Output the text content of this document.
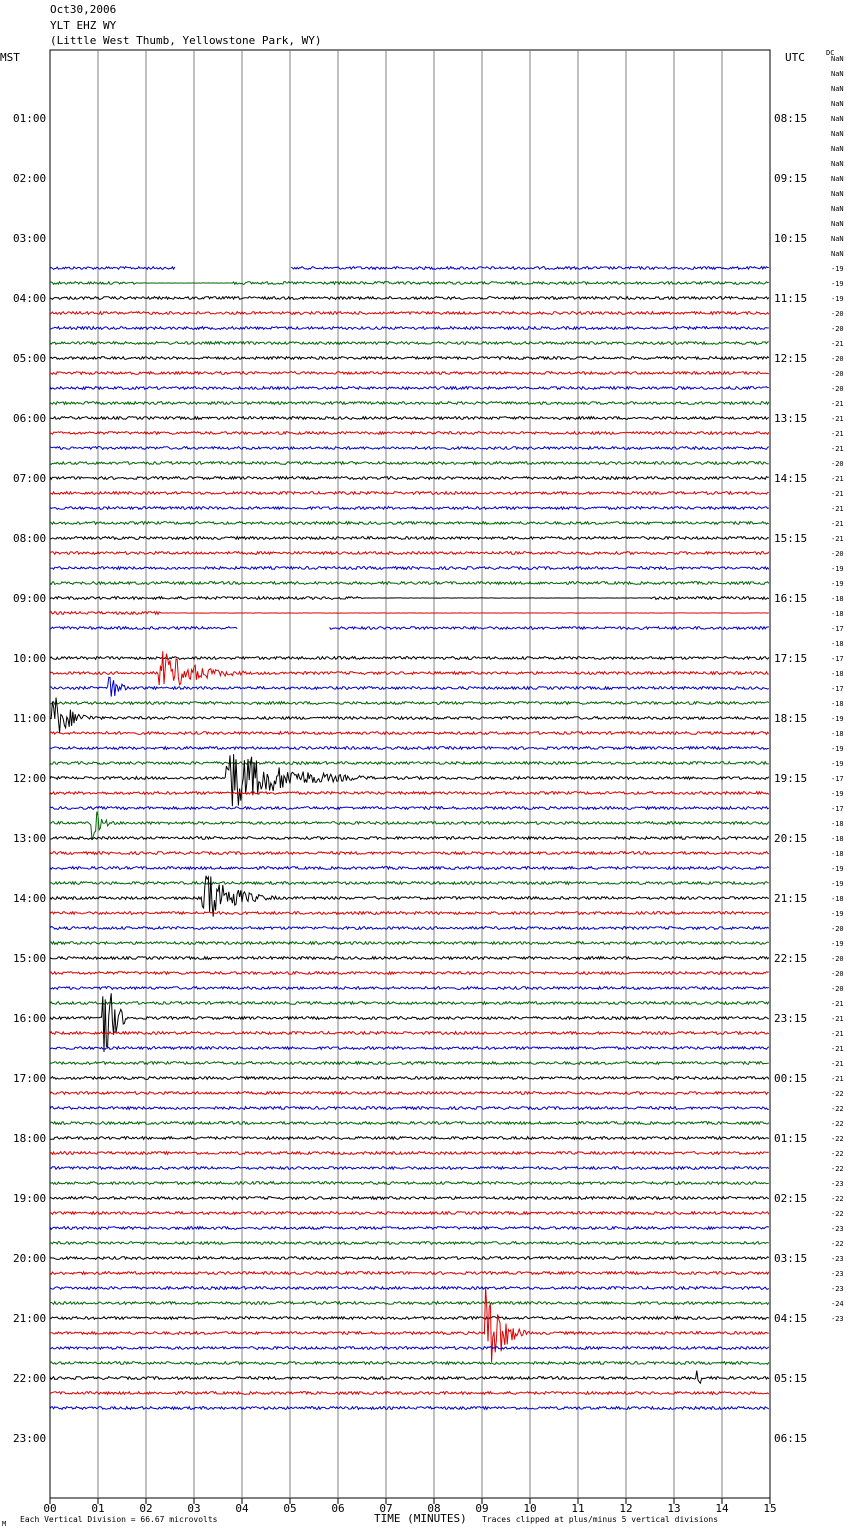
Oct30,2006
YLT EHZ WY
(Little West Thumb, Yellowstone Park, WY)
MST	UTC	DC
TIME (MINUTES)
Each Vertical Division = 66.67 microvolts	Traces clipped at plus/minus 5 vertical divisions
M
00	01	02	03	04	05	06	07	08	09	10	11	12	13	14	15
01:00
02:00
03:00
04:00
05:00
06:00
07:00
08:00
09:00
10:00
11:00
12:00
13:00
14:00
15:00
16:00
17:00
18:00
19:00
20:00
21:00
22:00
23:00
08:15
09:15
10:15
11:15
12:15
13:15
14:15
15:15
16:15
17:15
18:15
19:15
20:15
21:15
22:15
23:15
00:15
01:15
02:15
03:15
04:15
05:15
06:15
NaN
NaN
NaN
NaN
NaN
NaN
NaN
NaN
NaN
NaN
NaN
NaN
NaN
NaN
-19
-19
-19
-20
-20
-21
-20
-20
-20
-21
-21
-21
-21
-20
-21
-21
-21
-21
-21
-20
-19
-19
-18
-18
-17
-18
-17
-18
-17
-18
-19
-18
-19
-19
-17
-19
-17
-18
-18
-18
-19
-19
-18
-19
-20
-19
-20
-20
-20
-21
-21
-21
-21
-21
-21
-22
-22
-22
-22
-22
-22
-23
-22
-22
-23
-22
-23
-23
-23
-24
-23
